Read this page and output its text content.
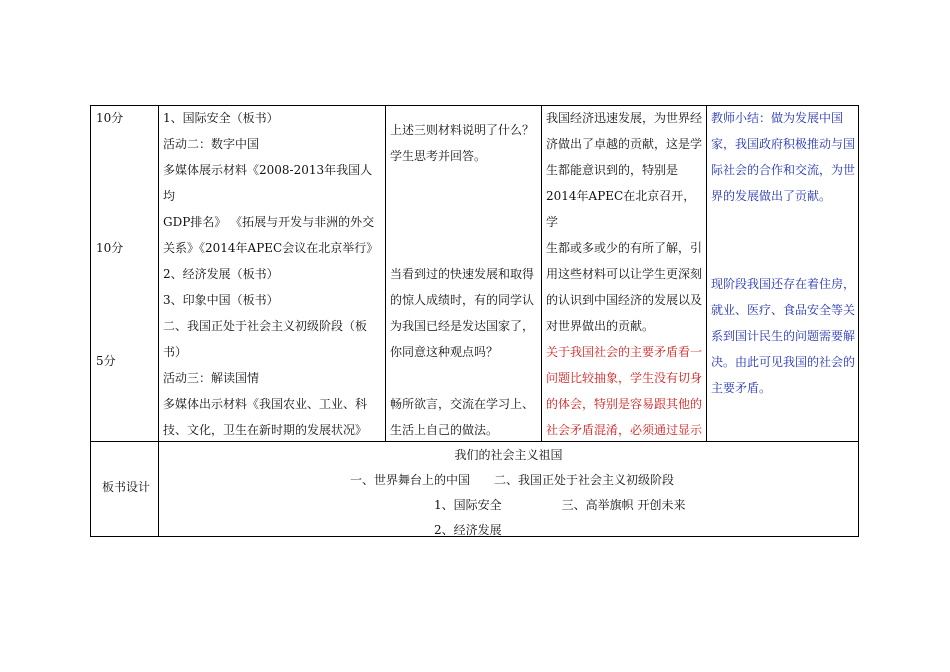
10分
10分
5分

1、国际安全（板书）

活动二：数字中国

多媒体展示材料《2008-2013年我国人均

GDP排名》 《拓展与开发与非洲的外交

关系》《2014年APEC会议在北京举行》

2、经济发展（板书）

3、印象中国（板书）

二、我国正处于社会主义初级阶段（板

书）

活动三：解读国情

多媒体出示材料《我国农业、工业、科

技、文化，卫生在新时期的发展状况》

上述三则材料说明了什么？

学生思考并回答。

当看到过的快速发展和取得

的惊人成绩时，有的同学认

为我国已经是发达国家了，

你同意这种观点吗？

畅所欲言，交流在学习上、

生活上自己的做法。

我国经济迅速发展，为世界经

济做出了卓越的贡献，这是学

生都能意识到的，特别是

2014年APEC在北京召开，学

生都或多或少的有所了解，引

用这些材料可以让学生更深刻

的认识到中国经济的发展以及

对世界做出的贡献。

关于我国社会的主要矛盾看一

问题比较抽象，学生没有切身

的体会，特别是容易跟其他的

社会矛盾混淆，必须通过显示

教师小结：做为发展中国

家，我国政府积极推动与国

际社会的合作和交流，为世

界的发展做出了贡献。

现阶段我国还存在着住房，

就业、医疗、食品安全等关

系到国计民生的问题需要解

决。由此可见我国的社会的

主要矛盾。

板书设计
我们的社会主义祖国
一、世界舞台上的中国　　二、我国正处于社会主义初级阶段
1、国际安全　　　　　三、高举旗帜 开创未来
2、经济发展
